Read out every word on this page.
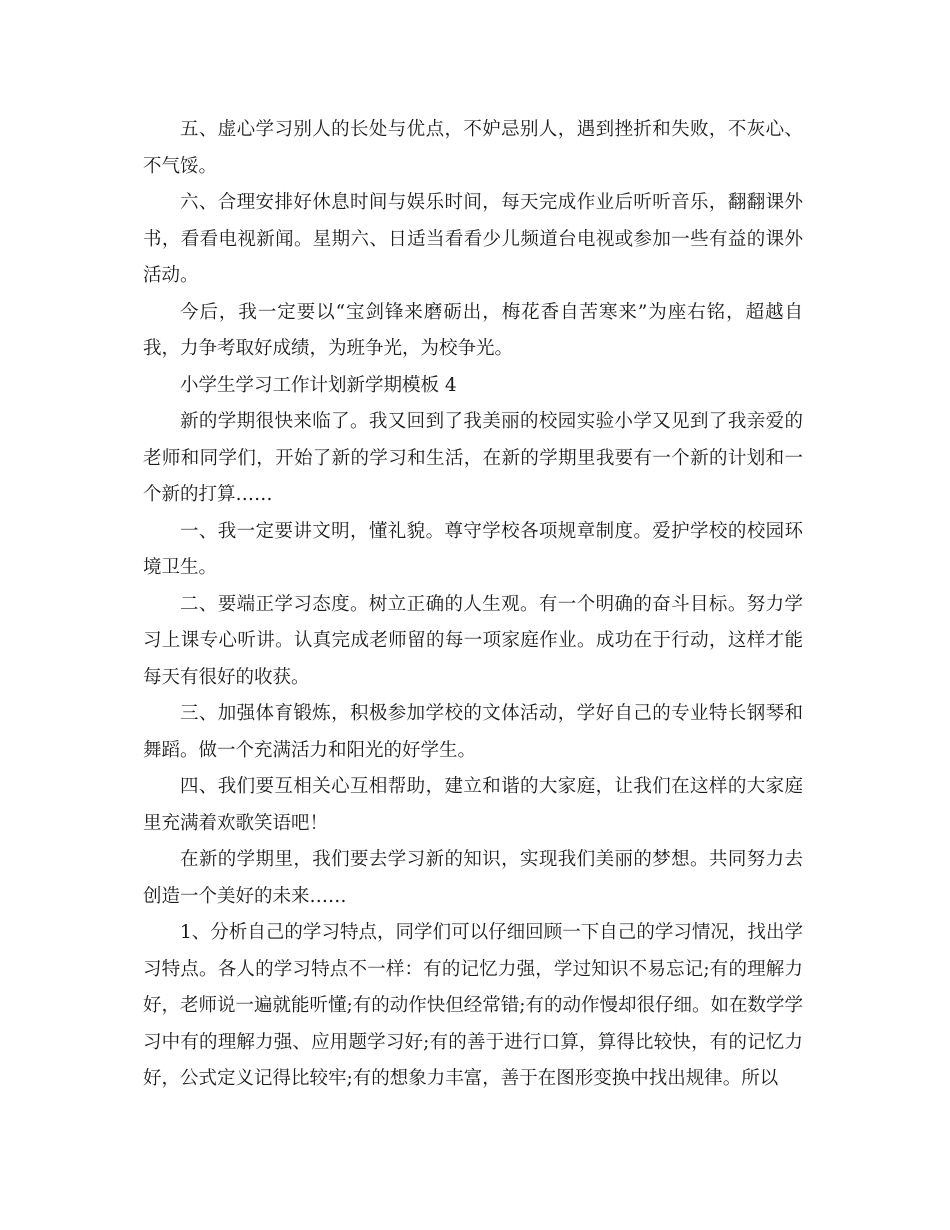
五、虚心学习别人的长处与优点，不妒忌别人，遇到挫折和失败，不灰心、不气馁。

六、合理安排好休息时间与娱乐时间，每天完成作业后听听音乐，翻翻课外书，看看电视新闻。星期六、日适当看看少儿频道台电视或参加一些有益的课外活动。

今后，我一定要以“宝剑锋来磨砺出，梅花香自苦寒来”为座右铭，超越自我，力争考取好成绩，为班争光，为校争光。

小学生学习工作计划新学期模板 4

新的学期很快来临了。我又回到了我美丽的校园实验小学又见到了我亲爱的老师和同学们，开始了新的学习和生活，在新的学期里我要有一个新的计划和一个新的打算……

一、我一定要讲文明，懂礼貌。尊守学校各项规章制度。爱护学校的校园环境卫生。

二、要端正学习态度。树立正确的人生观。有一个明确的奋斗目标。努力学习上课专心听讲。认真完成老师留的每一项家庭作业。成功在于行动，这样才能每天有很好的收获。

三、加强体育锻炼，积极参加学校的文体活动，学好自己的专业特长钢琴和舞蹈。做一个充满活力和阳光的好学生。

四、我们要互相关心互相帮助，建立和谐的大家庭，让我们在这样的大家庭里充满着欢歌笑语吧！

在新的学期里，我们要去学习新的知识，实现我们美丽的梦想。共同努力去创造一个美好的未来……

1、分析自己的学习特点，同学们可以仔细回顾一下自己的学习情况，找出学习特点。各人的学习特点不一样：有的记忆力强，学过知识不易忘记;有的理解力好，老师说一遍就能听懂;有的动作快但经常错;有的动作慢却很仔细。如在数学学习中有的理解力强、应用题学习好;有的善于进行口算，算得比较快，有的记忆力好，公式定义记得比较牢;有的想象力丰富，善于在图形变换中找出规律。所以
